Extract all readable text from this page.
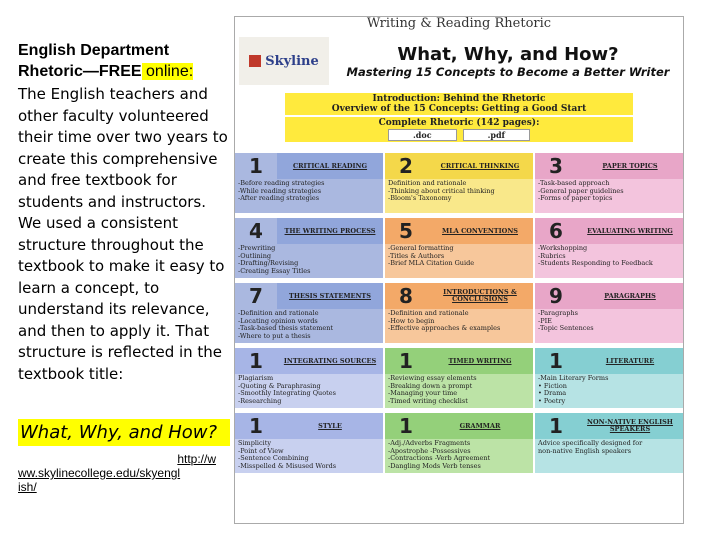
English Department
Rhetoric—FREE online:
The English teachers and other faculty volunteered their time over two years to create this comprehensive and free textbook for students and instructors. We used a consistent structure throughout the textbook to make it easy to learn a concept, to understand its relevance, and then to apply it. That structure is reflected in the textbook title:
What, Why, and How?
http://w
ww.skylinecollege.edu/skyengl
ish/
Writing & Reading Rhetoric
Skyline	What, Why, and How?
Mastering 15 Concepts to Become a Better Writer
Introduction: Behind the Rhetoric
Overview of the 15 Concepts: Getting a Good Start
Complete Rhetoric (142 pages):
.doc	.pdf
1	CRITICAL READING
-Before reading strategies
-While reading strategies
-After reading strategies
2	CRITICAL THINKING
Definition and rationale
-Thinking about critical thinking
-Bloom's Taxonomy
3	PAPER TOPICS
-Task-based approach
-General paper guidelines
-Forms of paper topics
4	THE WRITING PROCESS
-Prewriting
-Outlining
-Drafting/Revising
-Creating Essay Titles
5	MLA CONVENTIONS
-General formatting
-Titles & Authors
-Brief MLA Citation Guide
6	EVALUATING WRITING
-Workshopping
-Rubrics
-Students Responding to Feedback
7	THESIS STATEMENTS
-Definition and rationale
-Locating opinion words
-Task-based thesis statement
-Where to put a thesis
8	INTRODUCTIONS & CONCLUSIONS
-Definition and rationale
-How to begin
-Effective approaches & examples
9	PARAGRAPHS
-Paragraphs
-PIE
-Topic Sentences
1	INTEGRATING SOURCES
Plagiarism
-Quoting & Paraphrasing
-Smoothly Integrating Quotes
-Researching
1	TIMED WRITING
-Reviewing essay elements
-Breaking down a prompt
-Managing your time
-Timed writing checklist
1	LITERATURE
-Main Literary Forms
• Fiction
• Drama
• Poetry
1	STYLE
Simplicity
-Point of View
-Sentence Combining
-Misspelled & Misused Words
1	GRAMMAR
-Adj./Adverbs Fragments
-Apostrophe -Possessives
-Contractions -Verb Agreement
-Dangling Mods Verb tenses
1	NON-NATIVE ENGLISH SPEAKERS
Advice specifically designed for
non-native English speakers
